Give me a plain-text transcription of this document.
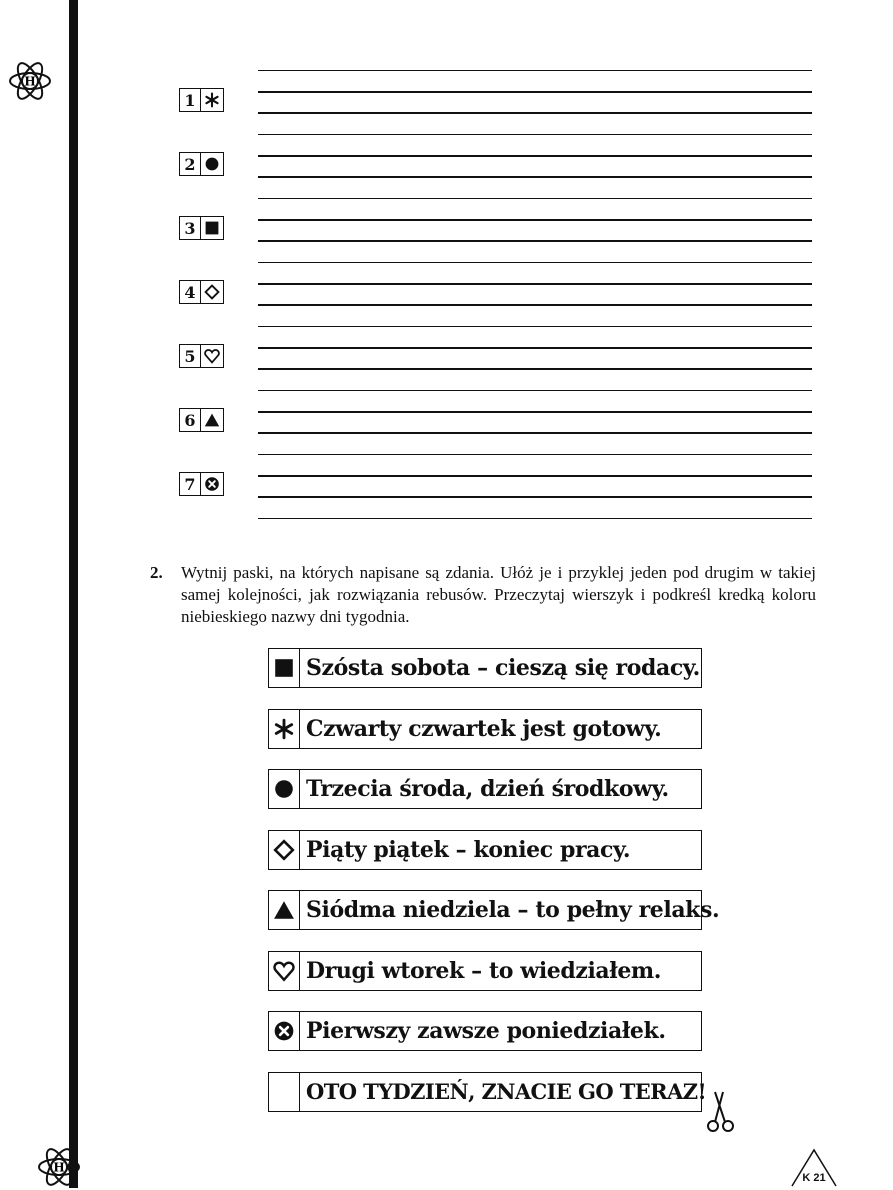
H
H
1
2
3
4
5
6
7
2. Wytnij paski, na których napisane są zdania. Ułóż je i przyklej jeden pod drugim w takiej samej kolejności, jak rozwiązania rebusów. Przeczytaj wierszyk i podkreśl kredką koloru niebieskiego nazwy dni tygodnia.
Szósta sobota – cieszą się rodacy.
Czwarty czwartek jest gotowy.
Trzecia środa, dzień środkowy.
Piąty piątek – koniec pracy.
Siódma niedziela – to pełny relaks.
Drugi wtorek – to wiedziałem.
Pierwszy zawsze poniedziałek.
OTO TYDZIEŃ, ZNACIE GO TERAZ!
K 21
